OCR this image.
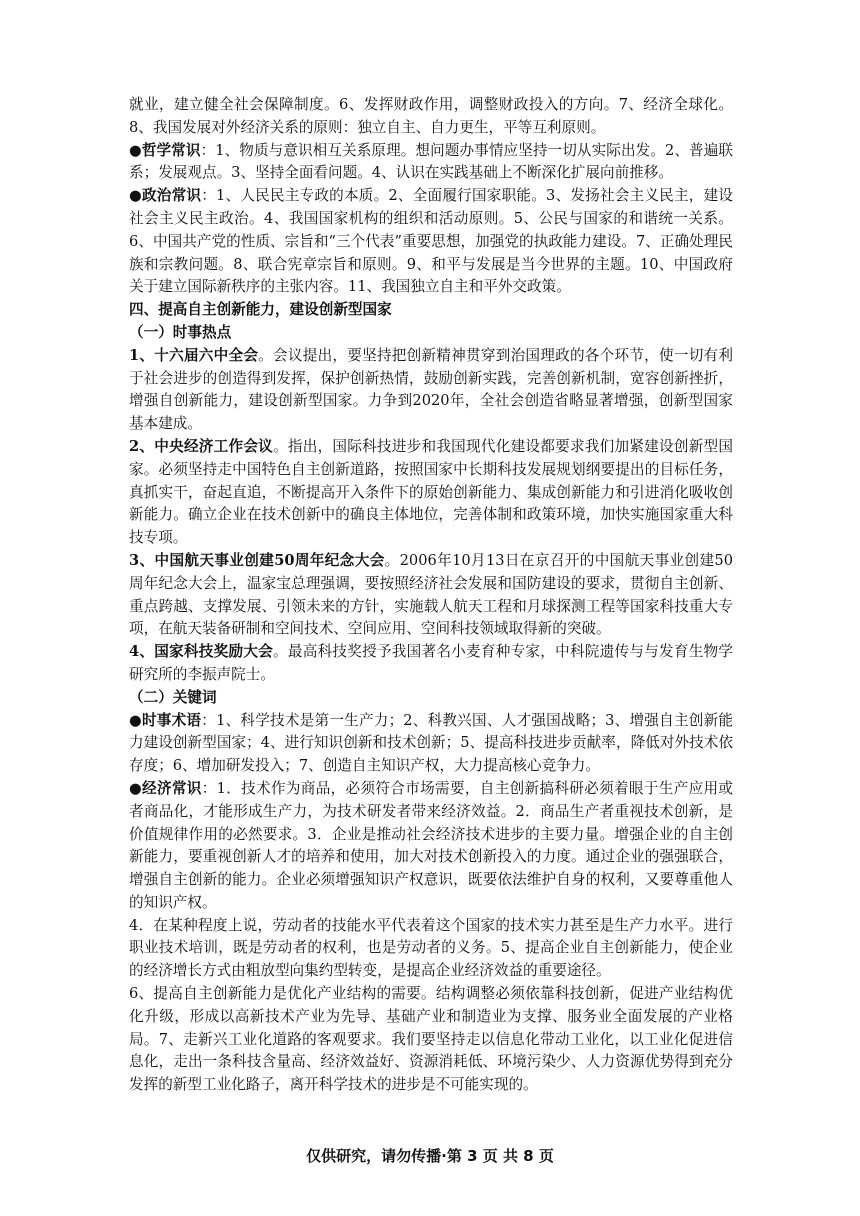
就业，建立健全社会保障制度。6、发挥财政作用，调整财政投入的方向。7、经济全球化。8、我国发展对外经济关系的原则：独立自主、自力更生，平等互利原则。

●哲学常识：1、物质与意识相互关系原理。想问题办事情应坚持一切从实际出发。2、普遍联系；发展观点。3、坚持全面看问题。4、认识在实践基础上不断深化扩展向前推移。

●政治常识：1、人民民主专政的本质。2、全面履行国家职能。3、发扬社会主义民主，建设社会主义民主政治。4、我国国家机构的组织和活动原则。5、公民与国家的和谐统一关系。6、中国共产党的性质、宗旨和“三个代表”重要思想，加强党的执政能力建设。7、正确处理民族和宗教问题。8、联合宪章宗旨和原则。9、和平与发展是当今世界的主题。10、中国政府关于建立国际新秩序的主张内容。11、我国独立自主和平外交政策。

四、提高自主创新能力，建设创新型国家

（一）时事热点

1、十六届六中全会。会议提出，要坚持把创新精神贯穿到治国理政的各个环节，使一切有利于社会进步的创造得到发挥，保护创新热情，鼓励创新实践，完善创新机制，宽容创新挫折，增强自创新能力，建设创新型国家。力争到2020年，全社会创造省略显著增强，创新型国家基本建成。

2、中央经济工作会议。指出，国际科技进步和我国现代化建设都要求我们加紧建设创新型国家。必须坚持走中国特色自主创新道路，按照国家中长期科技发展规划纲要提出的目标任务，真抓实干，奋起直追，不断提高开入条件下的原始创新能力、集成创新能力和引进消化吸收创新能力。确立企业在技术创新中的确良主体地位，完善体制和政策环境，加快实施国家重大科技专项。

3、中国航天事业创建50周年纪念大会。2006年10月13日在京召开的中国航天事业创建50周年纪念大会上，温家宝总理强调，要按照经济社会发展和国防建设的要求，贯彻自主创新、重点跨越、支撑发展、引领未来的方针，实施载人航天工程和月球探测工程等国家科技重大专项，在航天装备研制和空间技术、空间应用、空间科技领域取得新的突破。

4、国家科技奖励大会。最高科技奖授予我国著名小麦育种专家，中科院遗传与与发育生物学研究所的李振声院士。

（二）关键词

●时事术语：1、科学技术是第一生产力；2、科教兴国、人才强国战略；3、增强自主创新能力建设创新型国家；4、进行知识创新和技术创新；5、提高科技进步贡献率，降低对外技术依存度；6、增加研发投入；7、创造自主知识产权，大力提高核心竞争力。

●经济常识：1．技术作为商品，必须符合市场需要，自主创新搞科研必须着眼于生产应用或者商品化，才能形成生产力，为技术研发者带来经济效益。2．商品生产者重视技术创新，是价值规律作用的必然要求。3．企业是推动社会经济技术进步的主要力量。增强企业的自主创新能力，要重视创新人才的培养和使用，加大对技术创新投入的力度。通过企业的强强联合，增强自主创新的能力。企业必须增强知识产权意识，既要依法维护自身的权利，又要尊重他人的知识产权。

4．在某种程度上说，劳动者的技能水平代表着这个国家的技术实力甚至是生产力水平。进行职业技术培训，既是劳动者的权利，也是劳动者的义务。5、提高企业自主创新能力，使企业的经济增长方式由粗放型向集约型转变，是提高企业经济效益的重要途径。

6、提高自主创新能力是优化产业结构的需要。结构调整必须依靠科技创新，促进产业结构优化升级，形成以高新技术产业为先导、基础产业和制造业为支撑、服务业全面发展的产业格局。7、走新兴工业化道路的客观要求。我们要坚持走以信息化带动工业化，以工业化促进信息化，走出一条科技含量高、经济效益好、资源消耗低、环境污染少、人力资源优势得到充分发挥的新型工业化路子，离开科学技术的进步是不可能实现的。

仅供研究，请勿传播·第 3 页 共 8 页
